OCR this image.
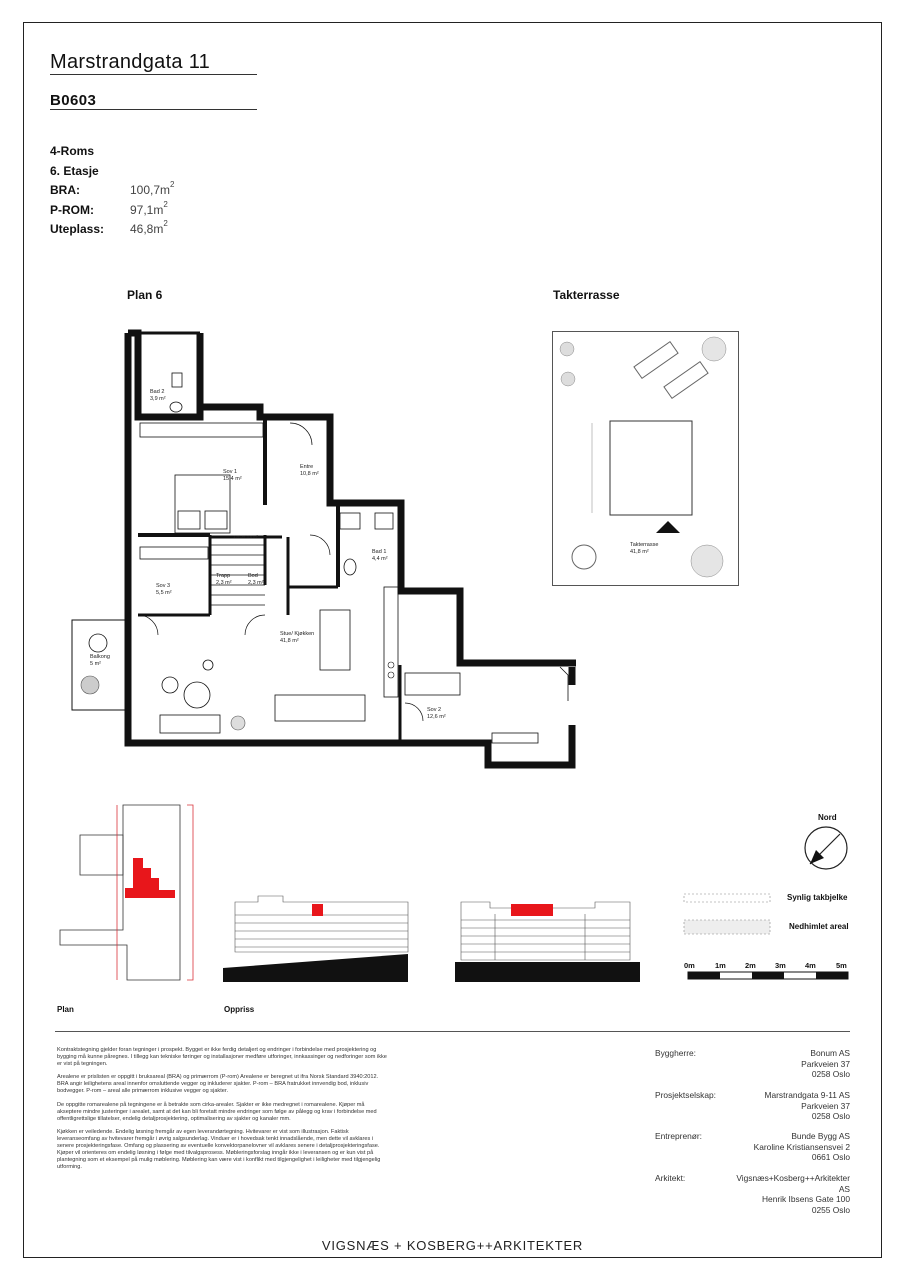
Marstrandgata 11
B0603
4-Roms
6. Etasje
BRA:	$100,7m^2$
P-ROM:	$97,1m^2$
Uteplass:	$46,8m^2$
Plan 6	Takterrasse
Bad 2
3,9 m²
Sov 1
15,4 m²
Entre
10,8 m²
Bad 1
4,4 m²
Sov 3
5,5 m²
Trapp
2,3 m²
Bod
2,3 m²
Stue/ Kjøkken
41,8 m²
Balkong
5 m²
Sov 2
12,6 m²
1-HOH 3,6 m²
Takterrasse
41,8 m²
Plan	Oppriss
Nord
Synlig takbjelke
Nedhimlet areal
0m	1m	2m	3m	4m	5m

Kontraktstegning gjelder foran tegninger i prospekt. Bygget er ikke ferdig detaljert og endringer i forbindelse med prosjektering og bygging må kunne påregnes. I tillegg kan tekniske føringer og installasjoner medføre utforinger, innkassinger og nedforinger som ikke er vist på tegningen.

Arealene er prislisten er oppgitt i bruksareal (BRA) og primærrom (P-rom) Arealene er beregnet ut ifra Norsk Standard 3940:2012. BRA angir leilighetens areal innenfor omsluttende vegger og inkluderer sjakter. P-rom – BRA fratrukket innvendig bod, inklusiv bodvegger. P-rom – areal alle primærrom inklusive vegger og sjakter.

De oppgitte romarealene på tegningene er å betrakte som cirka-arealer. Sjakter er ikke medregnet i romarealene. Kjøper må akseptere mindre justeringer i arealet, samt at det kan bli foretatt mindre endringer som følge av pålegg og krav i forbindelse med offentligrettslige tillatelser, endelig detaljprosjektering, optimalisering av sjakter og kanaler mm.

Kjøkken er veiledende. Endelig løsning fremgår av egen leverandørtegning. Hvitevarer er vist som illustrasjon. Faktisk leveranseomfang av hvitevarer fremgår i øvrig salgsunderlag. Vinduer er i hovedsak tenkt innadslående, men dette vil avklares i senere prosjekteringsfase. Omfang og plassering av eventuelle konvektorpanelovner vil avklares senere i detaljprosjekteringsfase. Kjøper vil orienteres om endelig løsning i følge med tilvalgsprosess. Møbleringsforslag inngår ikke i leveransen og er kun vist på plantegning som et eksempel på mulig møblering. Møblering kan være vist i konflikt med tilgjengelighet i leiligheter med tilgjengelig utforming.

Byggherre:	Bonum AS
Parkveien 37
0258 Oslo
Prosjektselskap:	Marstrandgata 9-11 AS
Parkveien 37
0258 Oslo
Entreprenør:	Bunde Bygg AS
Karoline Kristiansensvei 2
0661 Oslo
Arkitekt:	Vigsnæs+Kosberg++Arkitekter AS
Henrik Ibsens Gate 100
0255 Oslo
VIGSNÆS + KOSBERG++ARKITEKTER
